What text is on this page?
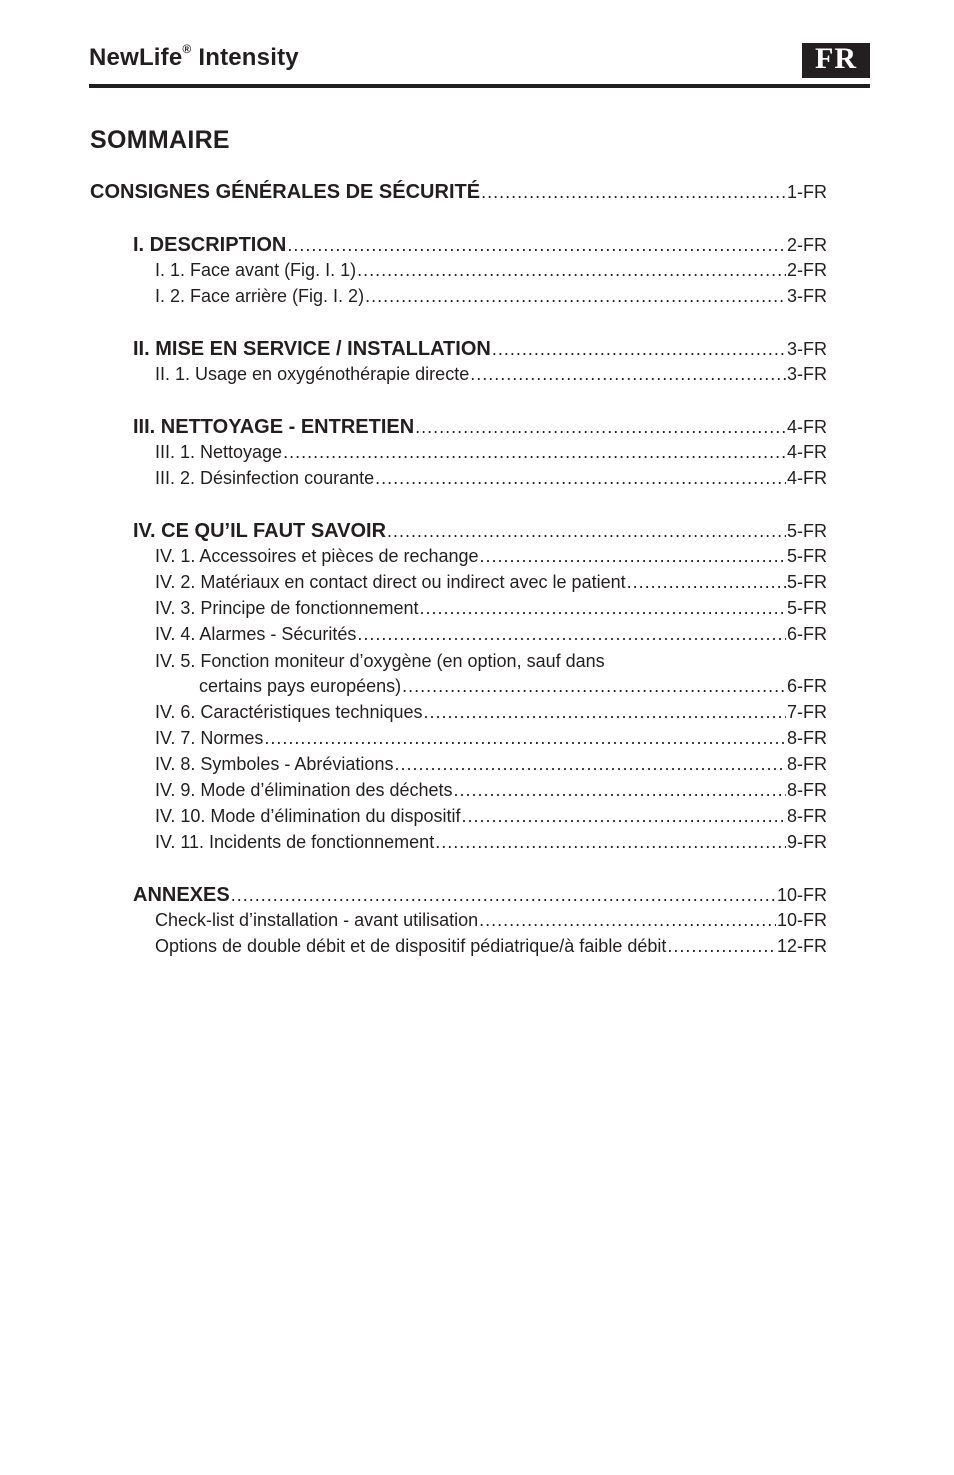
NewLife® Intensity	FR
SOMMAIRE
CONSIGNES GÉNÉRALES DE SÉCURITÉ .....	1-FR
I. DESCRIPTION .....	2-FR
I. 1. Face avant (Fig. I. 1) .....	2-FR
I. 2. Face arrière (Fig. I. 2) .....	3-FR
II. MISE EN SERVICE / INSTALLATION .....	3-FR
II. 1. Usage en oxygénothérapie directe .....	3-FR
III. NETTOYAGE - ENTRETIEN .....	4-FR
III. 1. Nettoyage .....	4-FR
III. 2. Désinfection courante .....	4-FR
IV. CE QU’IL FAUT SAVOIR .....	5-FR
IV. 1. Accessoires et pièces de rechange .....	5-FR
IV. 2. Matériaux en contact direct ou indirect avec le patient .....	5-FR
IV. 3. Principe de fonctionnement .....	5-FR
IV. 4. Alarmes - Sécurités .....	6-FR
IV. 5. Fonction moniteur d’oxygène (en option, sauf dans
certains pays européens) .....	6-FR
IV. 6. Caractéristiques techniques .....	7-FR
IV. 7. Normes .....	8-FR
IV. 8. Symboles - Abréviations .....	8-FR
IV. 9. Mode d’élimination des déchets .....	8-FR
IV. 10. Mode d’élimination du dispositif .....	8-FR
IV. 11. Incidents de fonctionnement .....	9-FR
ANNEXES .....	10-FR
Check-list d’installation - avant utilisation .....	10-FR
Options de double débit et de dispositif pédiatrique/à faible débit .....	12-FR
